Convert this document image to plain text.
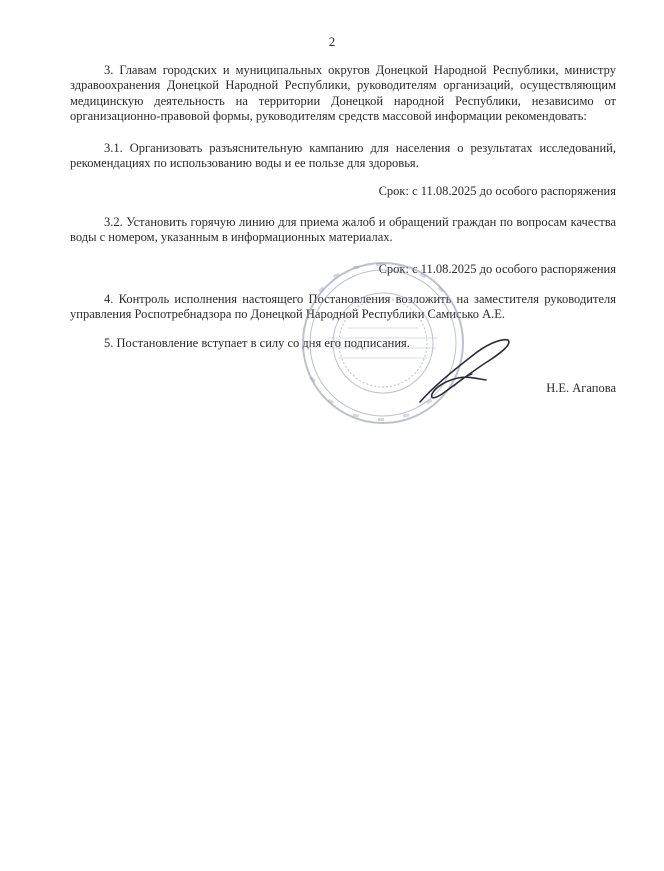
2
3. Главам городских и муниципальных округов Донецкой Народной Республики, министру здравоохранения Донецкой Народной Республики, руководителям организаций, осуществляющим медицинскую деятельность на территории Донецкой народной Республики, независимо от организационно-правовой формы, руководителям средств массовой информации рекомендовать:
3.1. Организовать разъяснительную кампанию для населения о результатах исследований, рекомендациях по использованию воды и ее пользе для здоровья.
Срок: с 11.08.2025 до особого распоряжения
3.2. Установить горячую линию для приема жалоб и обращений граждан по вопросам качества воды с номером, указанным в информационных материалах.
Срок: с 11.08.2025 до особого распоряжения
4. Контроль исполнения настоящего Постановления возложить на заместителя руководителя управления Роспотребнадзора по Донецкой Народной Республики Самисько А.Е.
5. Постановление вступает в силу со дня его подписания.
Н.Е. Агапова
